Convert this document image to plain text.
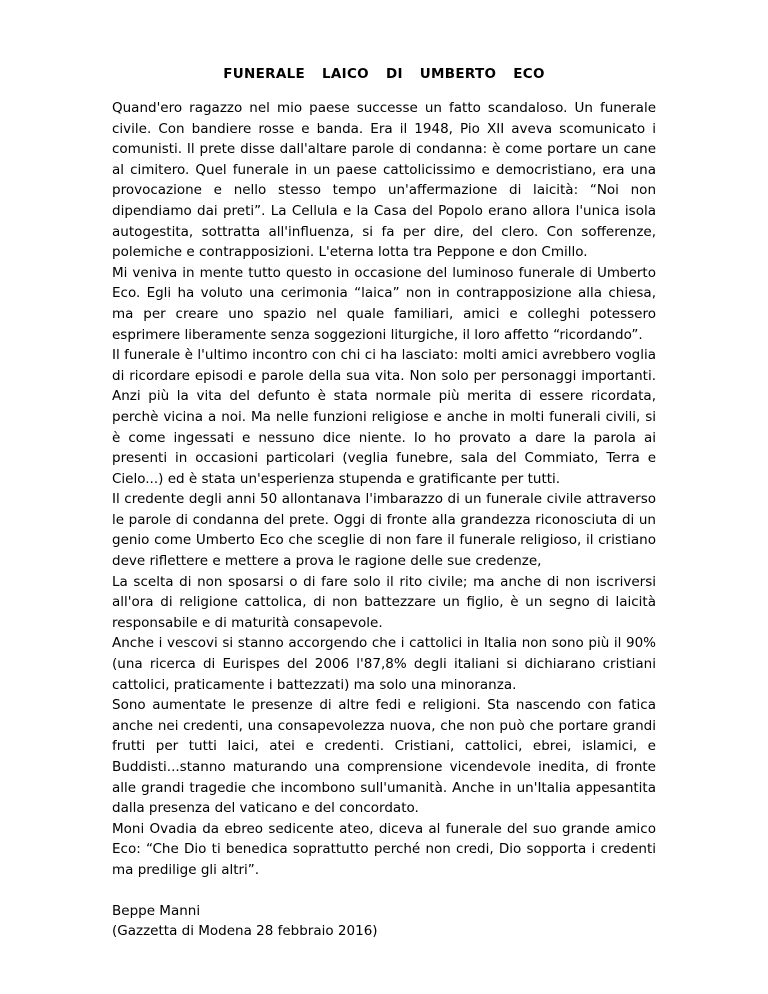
FUNERALE LAICO DI UMBERTO ECO

Quand'ero ragazzo nel mio paese successe un fatto scandaloso. Un funerale civile. Con bandiere rosse e banda. Era il 1948, Pio XII aveva scomunicato i comunisti. Il prete disse dall'altare parole di condanna: è come portare un cane al cimitero. Quel funerale in un paese cattolicissimo e democristiano, era una provocazione e nello stesso tempo un'affermazione di laicità: “Noi non dipendiamo dai preti”. La Cellula e la Casa del Popolo erano allora l'unica isola autogestita, sottratta all'influenza, si fa per dire, del clero. Con sofferenze, polemiche e contrapposizioni. L'eterna lotta tra Peppone e don Cmillo.

Mi veniva in mente tutto questo in occasione del luminoso funerale di Umberto Eco. Egli ha voluto una cerimonia “laica” non in contrapposizione alla chiesa, ma per creare uno spazio nel quale familiari, amici e colleghi potessero esprimere liberamente senza soggezioni liturgiche, il loro affetto “ricordando”.

Il funerale è l'ultimo incontro con chi ci ha lasciato: molti amici avrebbero voglia di ricordare episodi e parole della sua vita. Non solo per personaggi importanti. Anzi più la vita del defunto è stata normale più merita di essere ricordata, perchè vicina a noi. Ma nelle funzioni religiose e anche in molti funerali civili, si è come ingessati e nessuno dice niente. Io ho provato a dare la parola ai presenti in occasioni particolari (veglia funebre, sala del Commiato, Terra e Cielo...) ed è stata un'esperienza stupenda e gratificante per tutti.

Il credente degli anni 50 allontanava l'imbarazzo di un funerale civile attraverso le parole di condanna del prete. Oggi di fronte alla grandezza riconosciuta di un genio come Umberto Eco che sceglie di non fare il funerale religioso, il cristiano deve riflettere e mettere a prova le ragione delle sue credenze,

La scelta di non sposarsi o di fare solo il rito civile; ma anche di non iscriversi all'ora di religione cattolica, di non battezzare un figlio, è un segno di laicità responsabile e di maturità consapevole.

Anche i vescovi si stanno accorgendo che i cattolici in Italia non sono più il 90% (una ricerca di Eurispes del 2006 l'87,8% degli italiani si dichiarano cristiani cattolici, praticamente i battezzati) ma solo una minoranza.

Sono aumentate le presenze di altre fedi e religioni. Sta nascendo con fatica anche nei credenti, una consapevolezza nuova, che non può che portare grandi frutti per tutti laici, atei e credenti. Cristiani, cattolici, ebrei, islamici, e Buddisti...stanno maturando una comprensione vicendevole inedita, di fronte alle grandi tragedie che incombono sull'umanità. Anche in un'Italia appesantita dalla presenza del vaticano e del concordato.

Moni Ovadia da ebreo sedicente ateo, diceva al funerale del suo grande amico Eco: “Che Dio ti benedica soprattutto perché non credi, Dio sopporta i credenti ma predilige gli altri”.

Beppe Manni
(Gazzetta di Modena 28 febbraio 2016)
